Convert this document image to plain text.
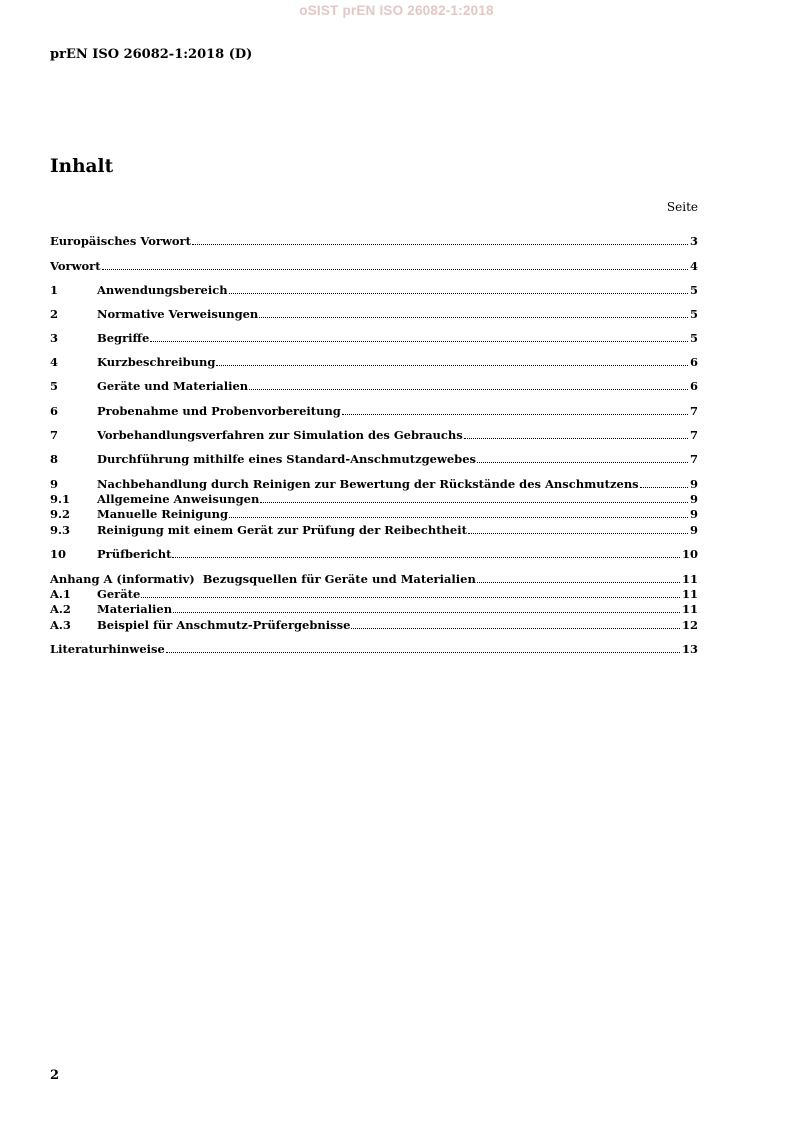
oSIST prEN ISO 26082-1:2018
prEN ISO 26082-1:2018 (D)
Inhalt
Seite
Europäisches Vorwort	3
Vorwort	4
1	Anwendungsbereich	5
2	Normative Verweisungen	5
3	Begriffe	5
4	Kurzbeschreibung	6
5	Geräte und Materialien	6
6	Probenahme und Probenvorbereitung	7
7	Vorbehandlungsverfahren zur Simulation des Gebrauchs	7
8	Durchführung mithilfe eines Standard-Anschmutzgewebes	7
9	Nachbehandlung durch Reinigen zur Bewertung der Rückstände des Anschmutzens	9
9.1	Allgemeine Anweisungen	9
9.2	Manuelle Reinigung	9
9.3	Reinigung mit einem Gerät zur Prüfung der Reibechtheit	9
10	Prüfbericht	10
Anhang A (informativ)  Bezugsquellen für Geräte und Materialien	11
A.1	Geräte	11
A.2	Materialien	11
A.3	Beispiel für Anschmutz-Prüfergebnisse	12
Literaturhinweise	13
2
